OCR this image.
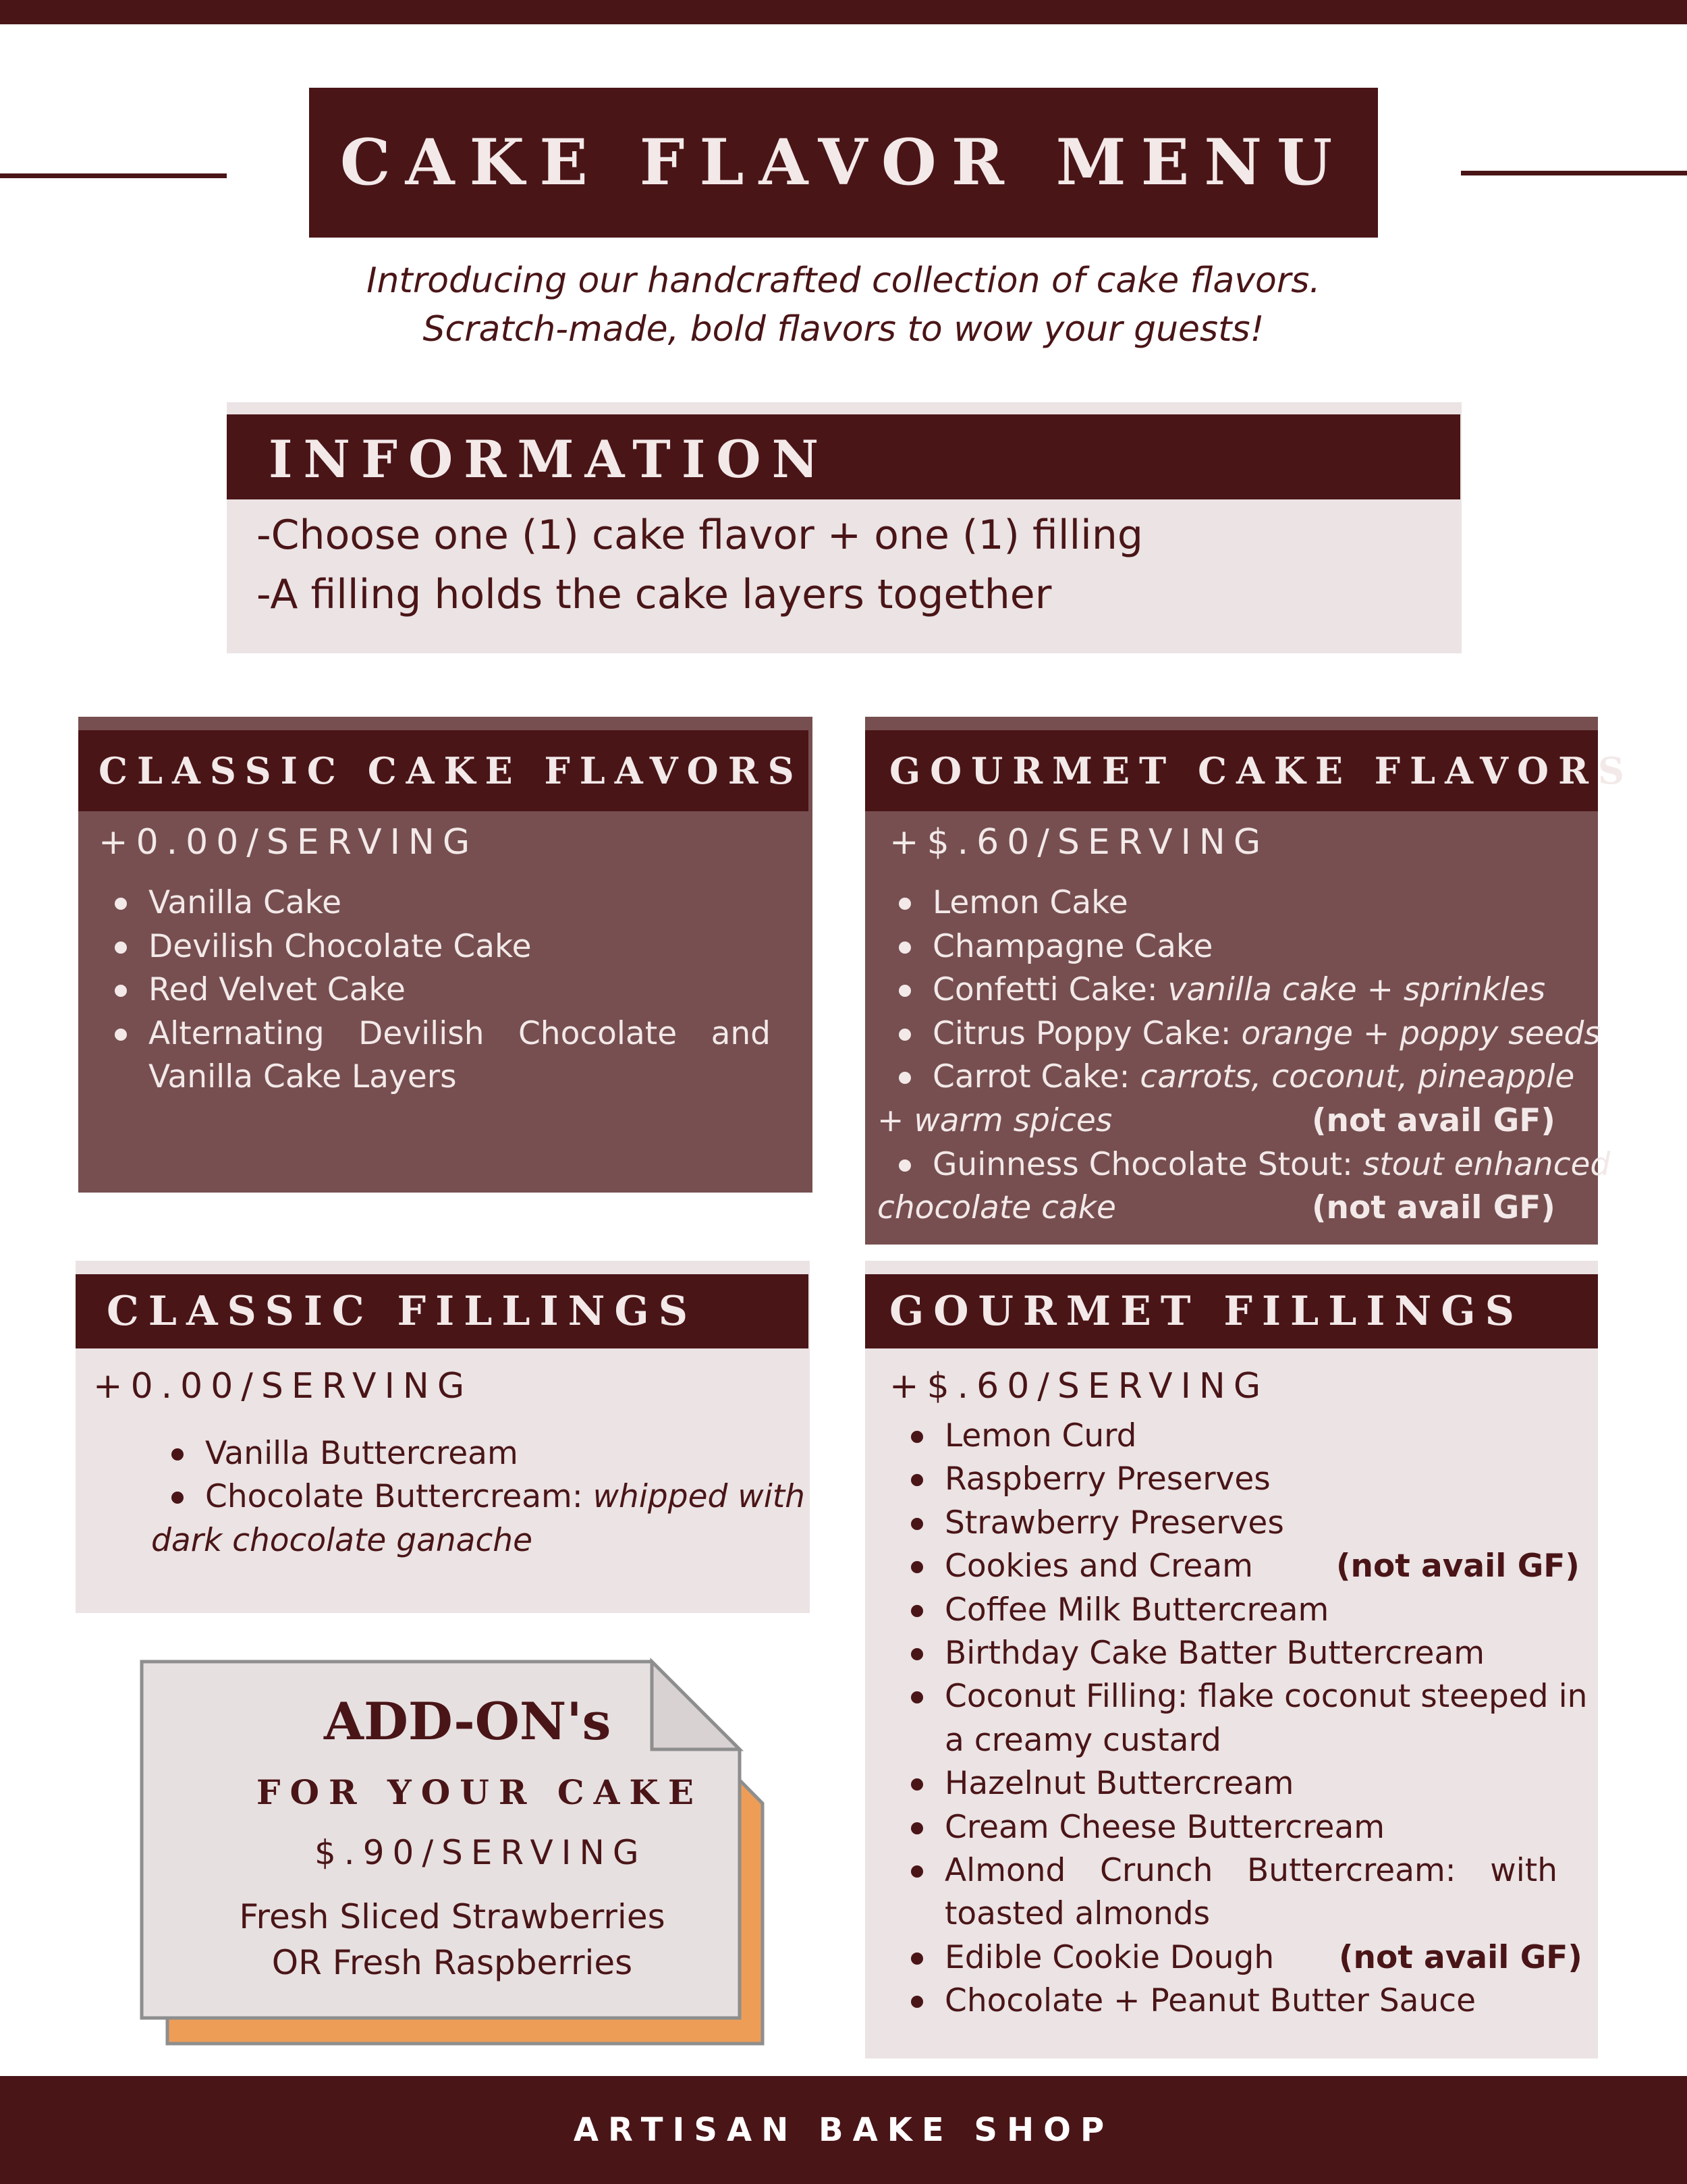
CAKE FLAVOR MENU
Introducing our handcrafted collection of cake flavors.
Scratch-made, bold flavors to wow your guests!
INFORMATION
-Choose one (1) cake flavor + one (1) filling
-A filling holds the cake layers together
CLASSIC CAKE FLAVORS
+0.00/SERVING
Vanilla Cake
Devilish Chocolate Cake
Red Velvet Cake
Alternating Devilish Chocolate and
Vanilla Cake Layers
GOURMET CAKE FLAVORS
+$.60/SERVING
Lemon Cake
Champagne Cake
Confetti Cake: vanilla cake + sprinkles
Citrus Poppy Cake: orange + poppy seeds
Carrot Cake: carrots, coconut, pineapple
+ warm spices	(not avail GF)
Guinness Chocolate Stout: stout enhanced
chocolate cake	(not avail GF)
CLASSIC FILLINGS
+0.00/SERVING
Vanilla Buttercream
Chocolate Buttercream: whipped with
dark chocolate ganache
GOURMET FILLINGS
+$.60/SERVING
Lemon Curd
Raspberry Preserves
Strawberry Preserves
Cookies and Cream	(not avail GF)
Coffee Milk Buttercream
Birthday Cake Batter Buttercream
Coconut Filling: flake coconut steeped in
a creamy custard
Hazelnut Buttercream
Cream Cheese Buttercream
Almond Crunch Buttercream: with
toasted almonds
Edible Cookie Dough (not avail GF)
Chocolate + Peanut Butter Sauce
ADD-ON's
FOR YOUR CAKE
$.90/SERVING
Fresh Sliced Strawberries
OR Fresh Raspberries
ARTISAN BAKE SHOP
